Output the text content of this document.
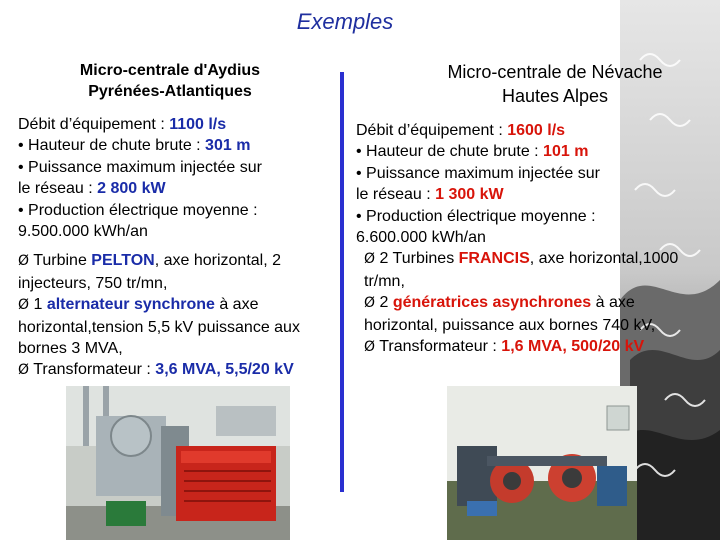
Exemples
Micro-centrale d'Aydius
Pyrénées-Atlantiques
Micro-centrale de Névache
Hautes Alpes
Débit d’équipement : 1100 l/s
• Hauteur de chute brute : 301 m
• Puissance maximum injectée sur
le réseau : 2 800 kW
• Production électrique moyenne :
9.500.000 kWh/an
Ø Turbine PELTON, axe horizontal, 2 injecteurs, 750 tr/mn,
Ø 1 alternateur synchrone à axe horizontal,tension 5,5 kV puissance aux bornes 3 MVA,
Ø Transformateur : 3,6 MVA, 5,5/20 kV
Débit d’équipement : 1600 l/s
• Hauteur de chute brute : 101 m
• Puissance maximum injectée sur
le réseau : 1 300 kW
• Production électrique moyenne :
6.600.000 kWh/an
Ø 2 Turbines FRANCIS, axe horizontal,1000 tr/mn,
Ø 2 génératrices asynchrones à axe horizontal, puissance aux bornes 740 kV,
Ø Transformateur : 1,6 MVA, 500/20 kV
